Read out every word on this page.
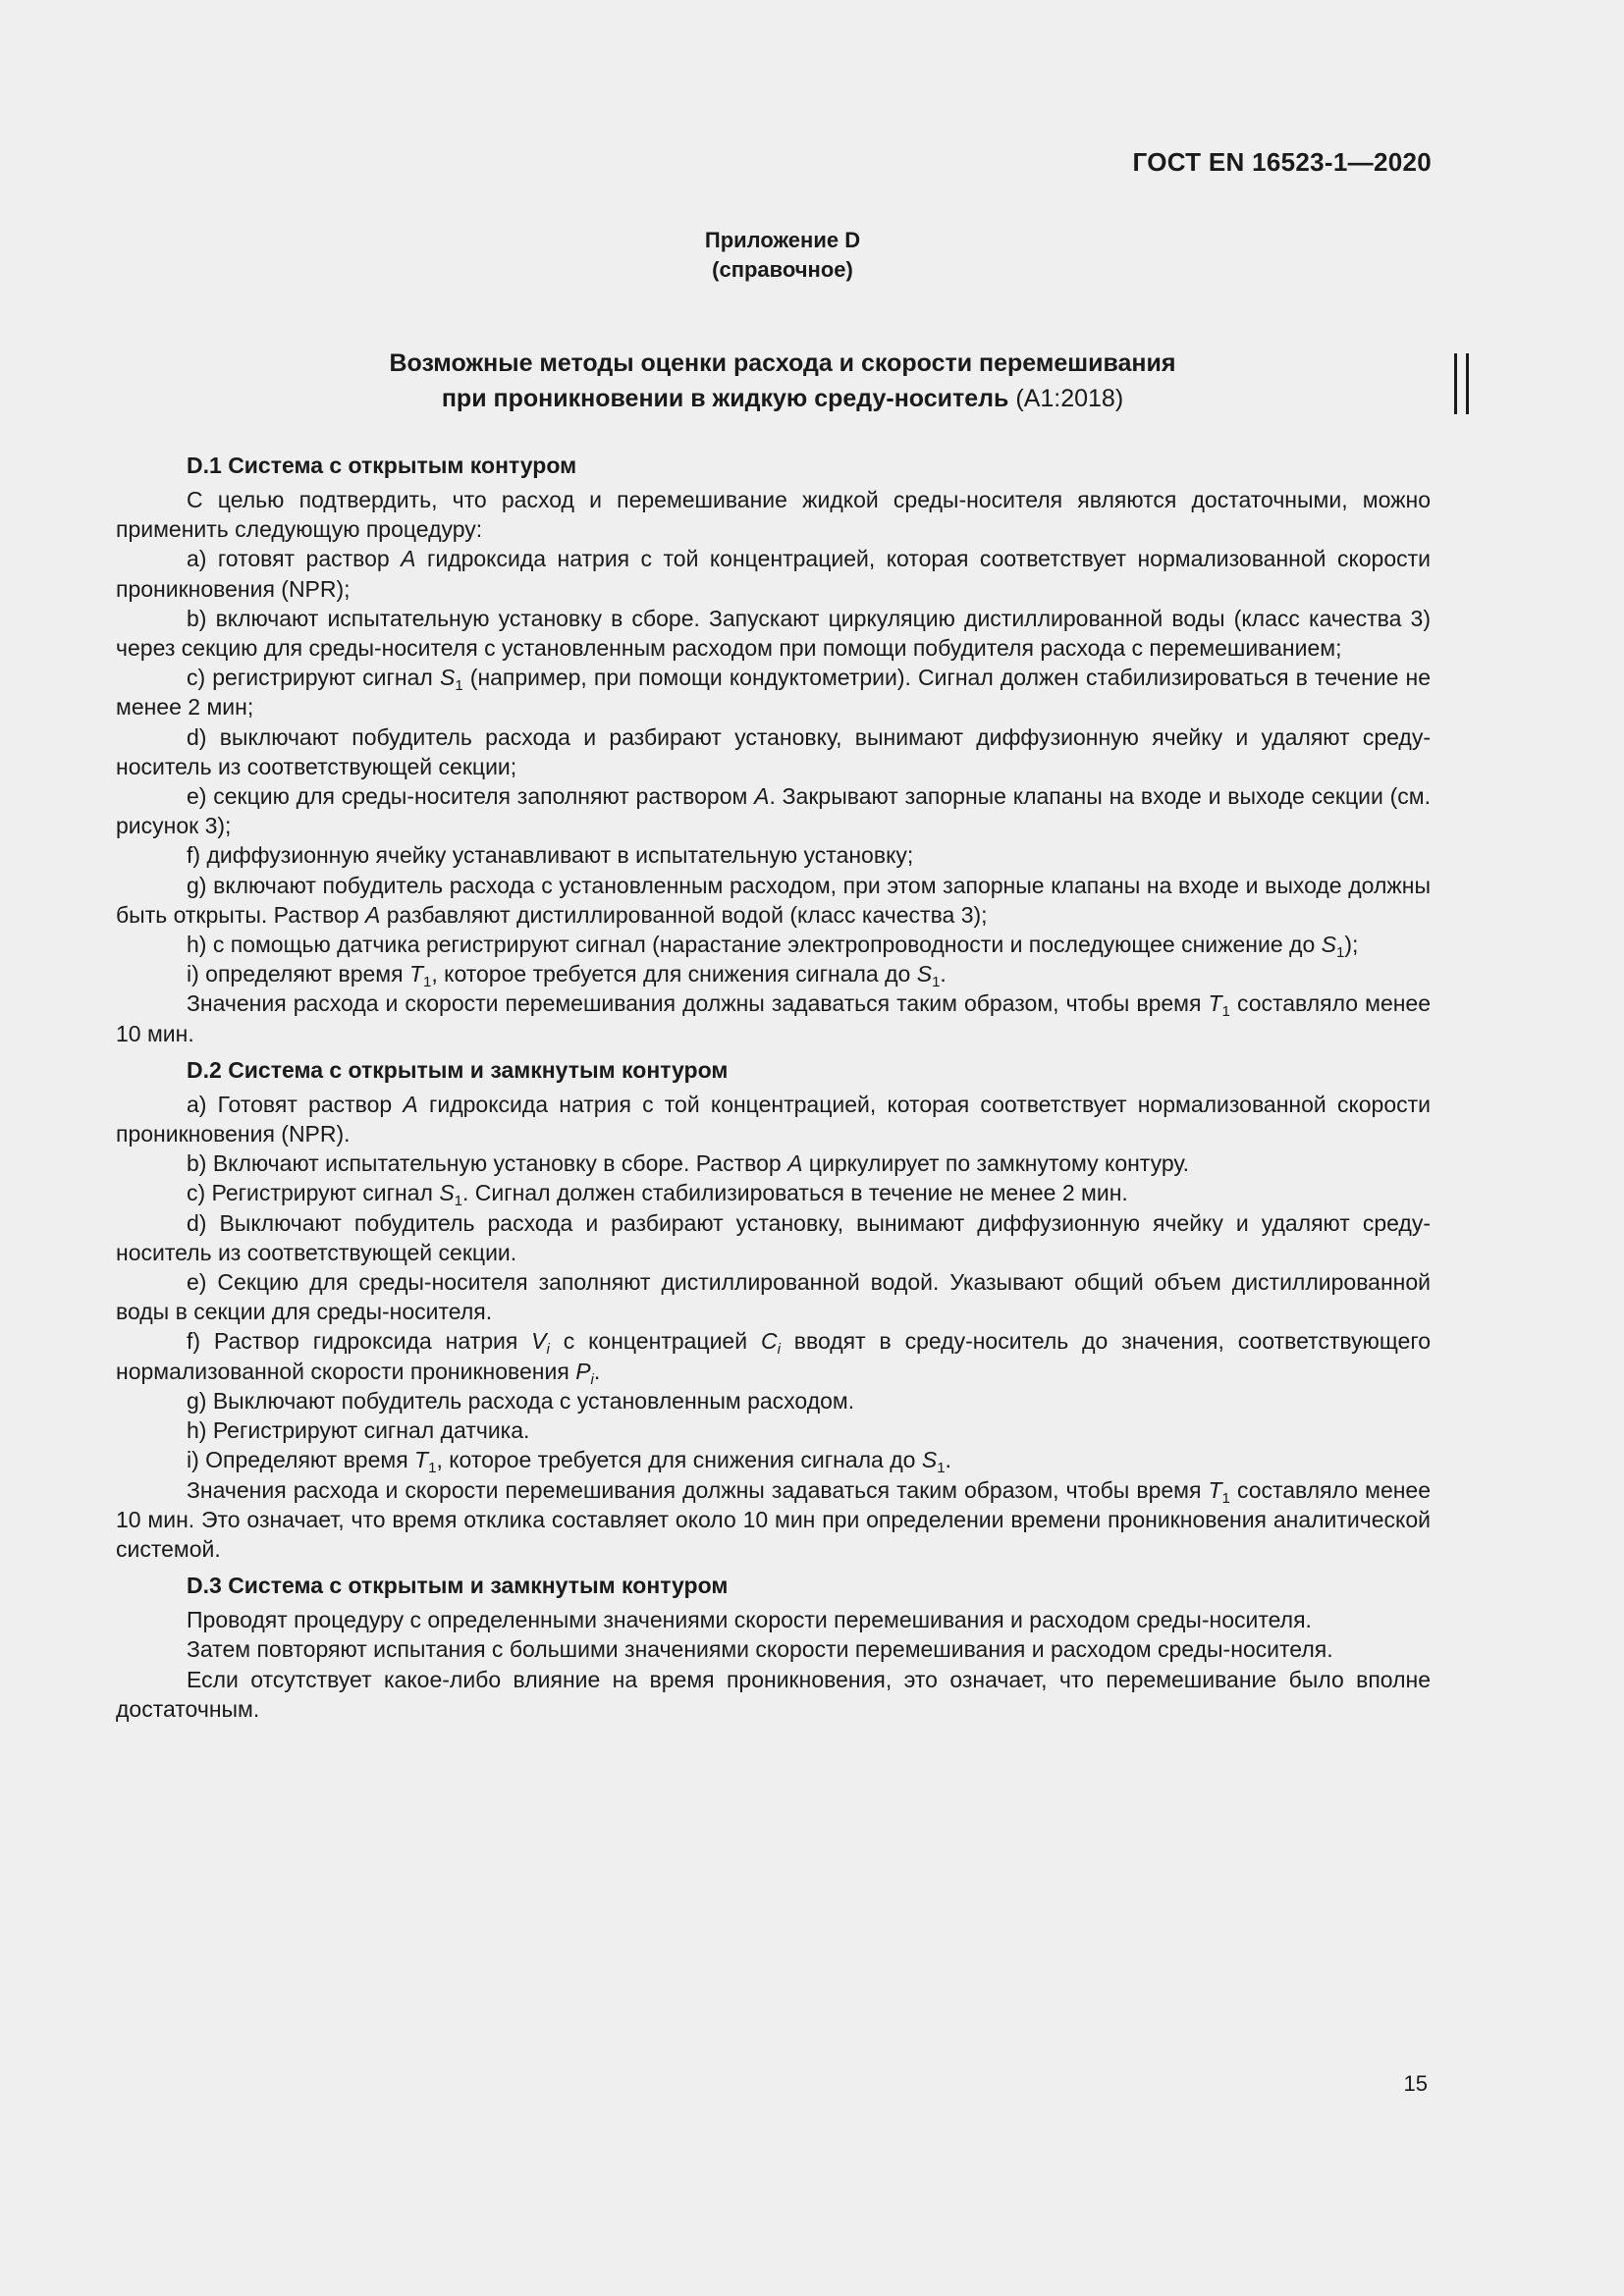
ГОСТ EN 16523-1—2020
Приложение D
(справочное)
Возможные методы оценки расхода и скорости перемешивания
при проникновении в жидкую среду-носитель (A1:2018)
D.1 Система с открытым контуром

С целью подтвердить, что расход и перемешивание жидкой среды-носителя являются достаточными, можно применить следующую процедуру:

а) готовят раствор A гидроксида натрия с той концентрацией, которая соответствует нормализованной скорости проникновения (NPR);

b) включают испытательную установку в сборе. Запускают циркуляцию дистиллированной воды (класс качества 3) через секцию для среды-носителя с установленным расходом при помощи побудителя расхода с перемешиванием;

с) регистрируют сигнал $S_1$ (например, при помощи кондуктометрии). Сигнал должен стабилизироваться в течение не менее 2 мин;

d) выключают побудитель расхода и разбирают установку, вынимают диффузионную ячейку и удаляют среду-носитель из соответствующей секции;

е) секцию для среды-носителя заполняют раствором A. Закрывают запорные клапаны на входе и выходе секции (см. рисунок 3);

f) диффузионную ячейку устанавливают в испытательную установку;

g) включают побудитель расхода с установленным расходом, при этом запорные клапаны на входе и выходе должны быть открыты. Раствор A разбавляют дистиллированной водой (класс качества 3);

h) с помощью датчика регистрируют сигнал (нарастание электропроводности и последующее снижение до $S_1$);

i) определяют время $T_1$, которое требуется для снижения сигнала до $S_1$.

Значения расхода и скорости перемешивания должны задаваться таким образом, чтобы время $T_1$ составляло менее 10 мин.

D.2 Система с открытым и замкнутым контуром

а) Готовят раствор A гидроксида натрия с той концентрацией, которая соответствует нормализованной скорости проникновения (NPR).

b) Включают испытательную установку в сборе. Раствор A циркулирует по замкнутому контуру.

с) Регистрируют сигнал $S_1$. Сигнал должен стабилизироваться в течение не менее 2 мин.

d) Выключают побудитель расхода и разбирают установку, вынимают диффузионную ячейку и удаляют среду-носитель из соответствующей секции.

е) Секцию для среды-носителя заполняют дистиллированной водой. Указывают общий объем дистиллированной воды в секции для среды-носителя.

f) Раствор гидроксида натрия $V_i$ с концентрацией $C_i$ вводят в среду-носитель до значения, соответствующего нормализованной скорости проникновения $P_i$.

g) Выключают побудитель расхода с установленным расходом.

h) Регистрируют сигнал датчика.

i) Определяют время $T_1$, которое требуется для снижения сигнала до $S_1$.

Значения расхода и скорости перемешивания должны задаваться таким образом, чтобы время $T_1$ составляло менее 10 мин. Это означает, что время отклика составляет около 10 мин при определении времени проникновения аналитической системой.

D.3 Система с открытым и замкнутым контуром

Проводят процедуру с определенными значениями скорости перемешивания и расходом среды-носителя.

Затем повторяют испытания с большими значениями скорости перемешивания и расходом среды-носителя.

Если отсутствует какое-либо влияние на время проникновения, это означает, что перемешивание было вполне достаточным.

15
